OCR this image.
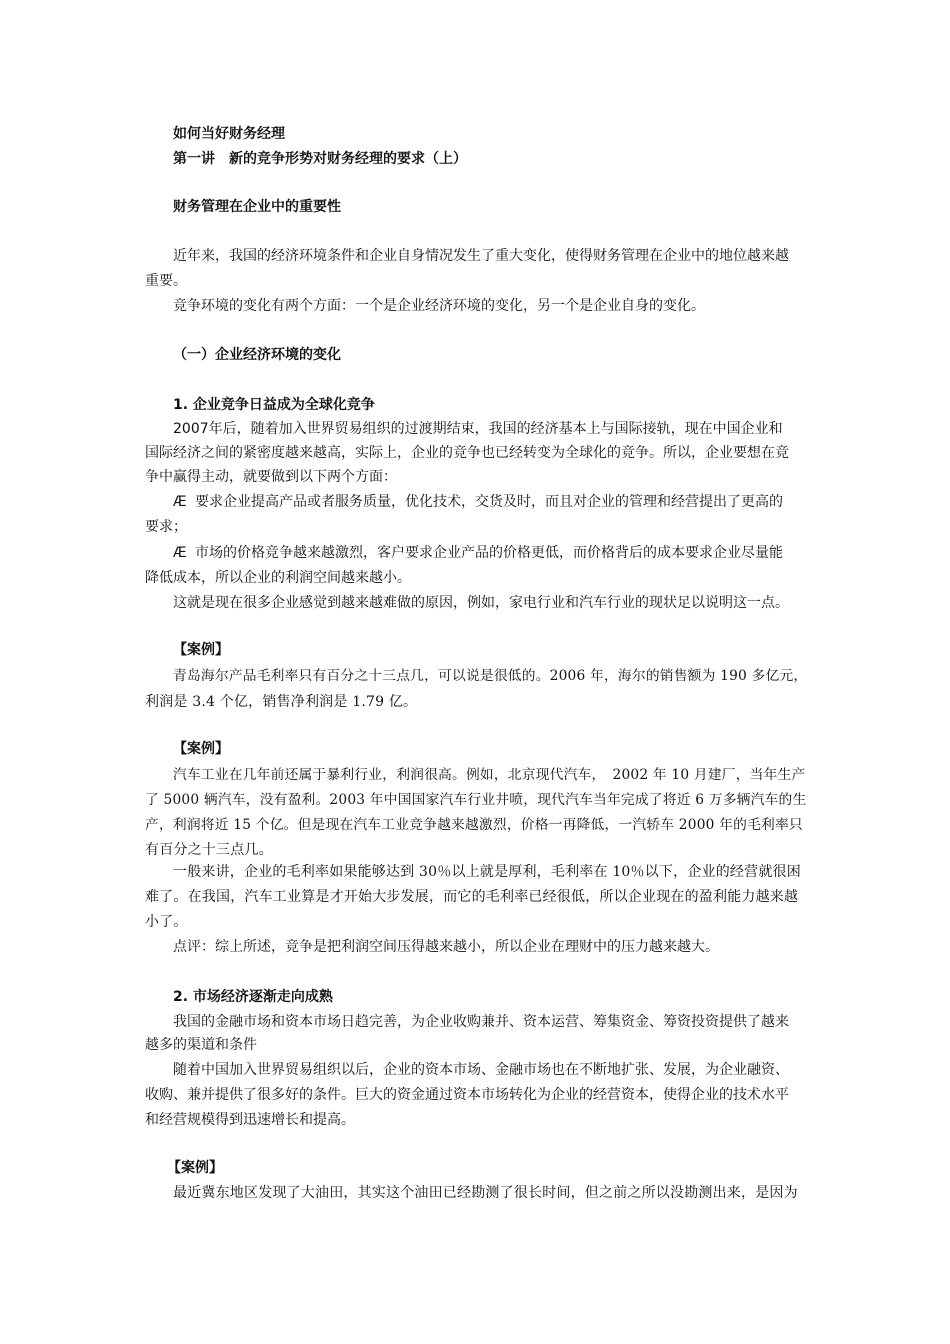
如何当好财务经理

第一讲　新的竞争形势对财务经理的要求（上）

财务管理在企业中的重要性

近年来，我国的经济环境条件和企业自身情况发生了重大变化，使得财务管理在企业中的地位越来越

重要。

竞争环境的变化有两个方面：一个是企业经济环境的变化，另一个是企业自身的变化。

（一）企业经济环境的变化

1. 企业竞争日益成为全球化竞争

2007年后，随着加入世界贸易组织的过渡期结束，我国的经济基本上与国际接轨，现在中国企业和

国际经济之间的紧密度越来越高，实际上，企业的竞争也已经转变为全球化的竞争。所以，企业要想在竞

争中赢得主动，就要做到以下两个方面：

Æ 要求企业提高产品或者服务质量，优化技术，交货及时，而且对企业的管理和经营提出了更高的

要求；

Æ 市场的价格竞争越来越激烈，客户要求企业产品的价格更低，而价格背后的成本要求企业尽量能

降低成本，所以企业的利润空间越来越小。

这就是现在很多企业感觉到越来越难做的原因，例如，家电行业和汽车行业的现状足以说明这一点。

【案例】

青岛海尔产品毛利率只有百分之十三点几，可以说是很低的。2006 年，海尔的销售额为 190 多亿元，

利润是 3.4 个亿，销售净利润是 1.79 亿。

【案例】

汽车工业在几年前还属于暴利行业，利润很高。例如，北京现代汽车，　2002 年 10 月建厂，当年生产

了 5000 辆汽车，没有盈利。2003 年中国国家汽车行业井喷，现代汽车当年完成了将近 6 万多辆汽车的生

产，利润将近 15 个亿。但是现在汽车工业竞争越来越激烈，价格一再降低，一汽轿车 2000 年的毛利率只

有百分之十三点几。

一般来讲，企业的毛利率如果能够达到 30％以上就是厚利，毛利率在 10％以下，企业的经营就很困

难了。在我国，汽车工业算是才开始大步发展，而它的毛利率已经很低，所以企业现在的盈利能力越来越

小了。

点评：综上所述，竞争是把利润空间压得越来越小，所以企业在理财中的压力越来越大。

2. 市场经济逐渐走向成熟

我国的金融市场和资本市场日趋完善，为企业收购兼并、资本运营、筹集资金、筹资投资提供了越来

越多的渠道和条件

随着中国加入世界贸易组织以后，企业的资本市场、金融市场也在不断地扩张、发展，为企业融资、

收购、兼并提供了很多好的条件。巨大的资金通过资本市场转化为企业的经营资本，使得企业的技术水平

和经营规模得到迅速增长和提高。

【案例】

最近冀东地区发现了大油田，其实这个油田已经勘测了很长时间，但之前之所以没勘测出来，是因为
